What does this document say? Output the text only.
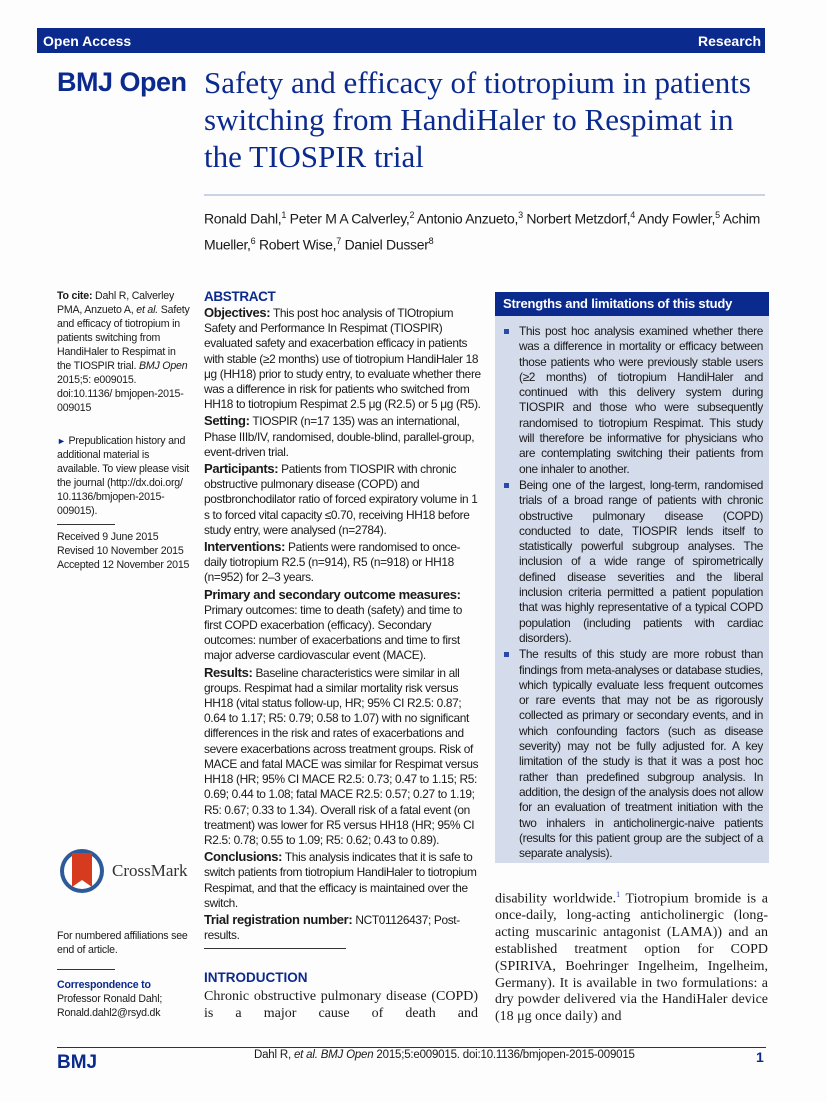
Open Access	Research
BMJ Open Safety and efficacy of tiotropium in patients switching from HandiHaler to Respimat in the TIOSPIR trial
Ronald Dahl,$^1$ Peter M A Calverley,$^2$ Antonio Anzueto,$^3$ Norbert Metzdorf,$^4$ Andy Fowler,$^5$ Achim Mueller,$^6$ Robert Wise,$^7$ Daniel Dusser$^8$
To cite: Dahl R, Calverley PMA, Anzueto A, et al. Safety and efficacy of tiotropium in patients switching from HandiHaler to Respimat in the TIOSPIR trial. BMJ Open 2015;5: e009015. doi:10.1136/ bmjopen-2015-009015
► Prepublication history and additional material is available. To view please visit the journal (http://dx.doi.org/ 10.1136/bmjopen-2015-009015).
Received 9 June 2015
Revised 10 November 2015
Accepted 12 November 2015
CrossMark
For numbered affiliations see end of article.
Correspondence to
Professor Ronald Dahl;
Ronald.dahl2@rsyd.dk
ABSTRACT

Objectives: This post hoc analysis of TIOtropium Safety and Performance In Respimat (TIOSPIR) evaluated safety and exacerbation efficacy in patients with stable (≥2 months) use of tiotropium HandiHaler 18 μg (HH18) prior to study entry, to evaluate whether there was a difference in risk for patients who switched from HH18 to tiotropium Respimat 2.5 μg (R2.5) or 5 μg (R5).

Setting: TIOSPIR (n=17 135) was an international, Phase IIIb/IV, randomised, double-blind, parallel-group, event-driven trial.

Participants: Patients from TIOSPIR with chronic obstructive pulmonary disease (COPD) and postbronchodilator ratio of forced expiratory volume in 1 s to forced vital capacity ≤0.70, receiving HH18 before study entry, were analysed (n=2784).

Interventions: Patients were randomised to once-daily tiotropium R2.5 (n=914), R5 (n=918) or HH18 (n=952) for 2–3 years.

Primary and secondary outcome measures:
Primary outcomes: time to death (safety) and time to first COPD exacerbation (efficacy). Secondary outcomes: number of exacerbations and time to first major adverse cardiovascular event (MACE).

Results: Baseline characteristics were similar in all groups. Respimat had a similar mortality risk versus HH18 (vital status follow-up, HR; 95% CI R2.5: 0.87; 0.64 to 1.17; R5: 0.79; 0.58 to 1.07) with no significant differences in the risk and rates of exacerbations and severe exacerbations across treatment groups. Risk of MACE and fatal MACE was similar for Respimat versus HH18 (HR; 95% CI MACE R2.5: 0.73; 0.47 to 1.15; R5: 0.69; 0.44 to 1.08; fatal MACE R2.5: 0.57; 0.27 to 1.19; R5: 0.67; 0.33 to 1.34). Overall risk of a fatal event (on treatment) was lower for R5 versus HH18 (HR; 95% CI R2.5: 0.78; 0.55 to 1.09; R5: 0.62; 0.43 to 0.89).

Conclusions: This analysis indicates that it is safe to switch patients from tiotropium HandiHaler to tiotropium Respimat, and that the efficacy is maintained over the switch.

Trial registration number: NCT01126437; Post-results.

INTRODUCTION
Chronic obstructive pulmonary disease (COPD) is a major cause of death and
Strengths and limitations of this study
This post hoc analysis examined whether there was a difference in mortality or efficacy between those patients who were previously stable users (≥2 months) of tiotropium HandiHaler and continued with this delivery system during TIOSPIR and those who were subsequently randomised to tiotropium Respimat. This study will therefore be informative for physicians who are contemplating switching their patients from one inhaler to another.
Being one of the largest, long-term, randomised trials of a broad range of patients with chronic obstructive pulmonary disease (COPD) conducted to date, TIOSPIR lends itself to statistically powerful subgroup analyses. The inclusion of a wide range of spirometrically defined disease severities and the liberal inclusion criteria permitted a patient population that was highly representative of a typical COPD population (including patients with cardiac disorders).
The results of this study are more robust than findings from meta-analyses or database studies, which typically evaluate less frequent outcomes or rare events that may not be as rigorously collected as primary or secondary events, and in which confounding factors (such as disease severity) may not be fully adjusted for. A key limitation of the study is that it was a post hoc rather than predefined subgroup analysis. In addition, the design of the analysis does not allow for an evaluation of treatment initiation with the two inhalers in anticholinergic-naive patients (results for this patient group are the subject of a separate analysis).
disability worldwide.$^1$ Tiotropium bromide is a once-daily, long-acting anticholinergic (long-acting muscarinic antagonist (LAMA)) and an established treatment option for COPD (SPIRIVA, Boehringer Ingelheim, Ingelheim, Germany). It is available in two formulations: a dry powder delivered via the HandiHaler device (18 μg once daily) and
BMJ	Dahl R, et al. BMJ Open 2015;5:e009015. doi:10.1136/bmjopen-2015-009015	1
